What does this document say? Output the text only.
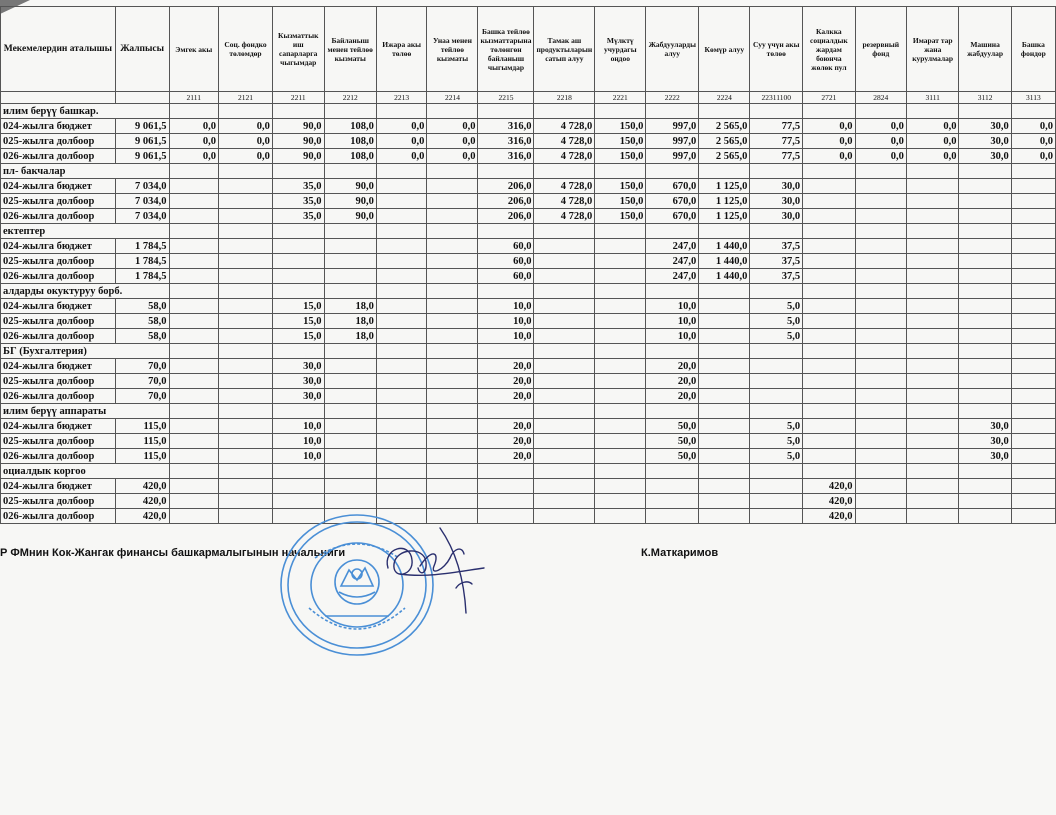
Мекемелердин аталышы	Жалпысы	Эмгек акы	Соц. фондко төлөмдөр	Кызматтык иш сапарларга чыгымдар	Байланыш менен тейлөө кызматы	Ижара акы төлөө	Унаа менен тейлөө кызматы	Башка тейлөө кызматтарына төлөнгөн байланыш чыгымдар	Тамак аш продуктыларын сатып алуу	Мүлктү учурдагы оңдоо	Жабдууларды алуу	Көмүр алуу	Суу үчүн акы төлөө	Калкка социалдык жардам боюнча жөлөк пул	резервный фонд	Имарат тар жана курулмалар	Машина жабдуулар	Башка фондор
		2111	2121	2211	2212	2213	2214	2215	2218	2221	2222	2224	22311100	2721	2824	3111	3112	3113
илим берүү башкар.																		
024-жылга бюджет	9 061,5	0,0	0,0	90,0	108,0	0,0	0,0	316,0	4 728,0	150,0	997,0	2 565,0	77,5	0,0	0,0	0,0	30,0	0,0
025-жылга долбоор	9 061,5	0,0	0,0	90,0	108,0	0,0	0,0	316,0	4 728,0	150,0	997,0	2 565,0	77,5	0,0	0,0	0,0	30,0	0,0
026-жылга долбоор	9 061,5	0,0	0,0	90,0	108,0	0,0	0,0	316,0	4 728,0	150,0	997,0	2 565,0	77,5	0,0	0,0	0,0	30,0	0,0
пл- бакчалар																		
024-жылга бюджет	7 034,0			35,0	90,0			206,0	4 728,0	150,0	670,0	1 125,0	30,0					
025-жылга долбоор	7 034,0			35,0	90,0			206,0	4 728,0	150,0	670,0	1 125,0	30,0					
026-жылга долбоор	7 034,0			35,0	90,0			206,0	4 728,0	150,0	670,0	1 125,0	30,0					
ектептер																		
024-жылга бюджет	1 784,5							60,0			247,0	1 440,0	37,5					
025-жылга долбоор	1 784,5							60,0			247,0	1 440,0	37,5					
026-жылга долбоор	1 784,5							60,0			247,0	1 440,0	37,5					
алдарды окуктуруу борб.																		
024-жылга бюджет	58,0			15,0	18,0			10,0			10,0		5,0					
025-жылга долбоор	58,0			15,0	18,0			10,0			10,0		5,0					
026-жылга долбоор	58,0			15,0	18,0			10,0			10,0		5,0					
БГ (Бухгалтерия)																		
024-жылга бюджет	70,0			30,0				20,0			20,0							
025-жылга долбоор	70,0			30,0				20,0			20,0							
026-жылга долбоор	70,0			30,0				20,0			20,0							
илим берүү аппараты																		
024-жылга бюджет	115,0			10,0				20,0			50,0		5,0				30,0	
025-жылга долбоор	115,0			10,0				20,0			50,0		5,0				30,0	
026-жылга долбоор	115,0			10,0				20,0			50,0		5,0				30,0	
оциалдык коргоо																		
024-жылга бюджет	420,0													420,0				
025-жылга долбоор	420,0													420,0				
026-жылга долбоор	420,0													420,0				
Р ФМнин Кок-Жангак финансы башкармалыгынын начальниги	К.Маткаримов
